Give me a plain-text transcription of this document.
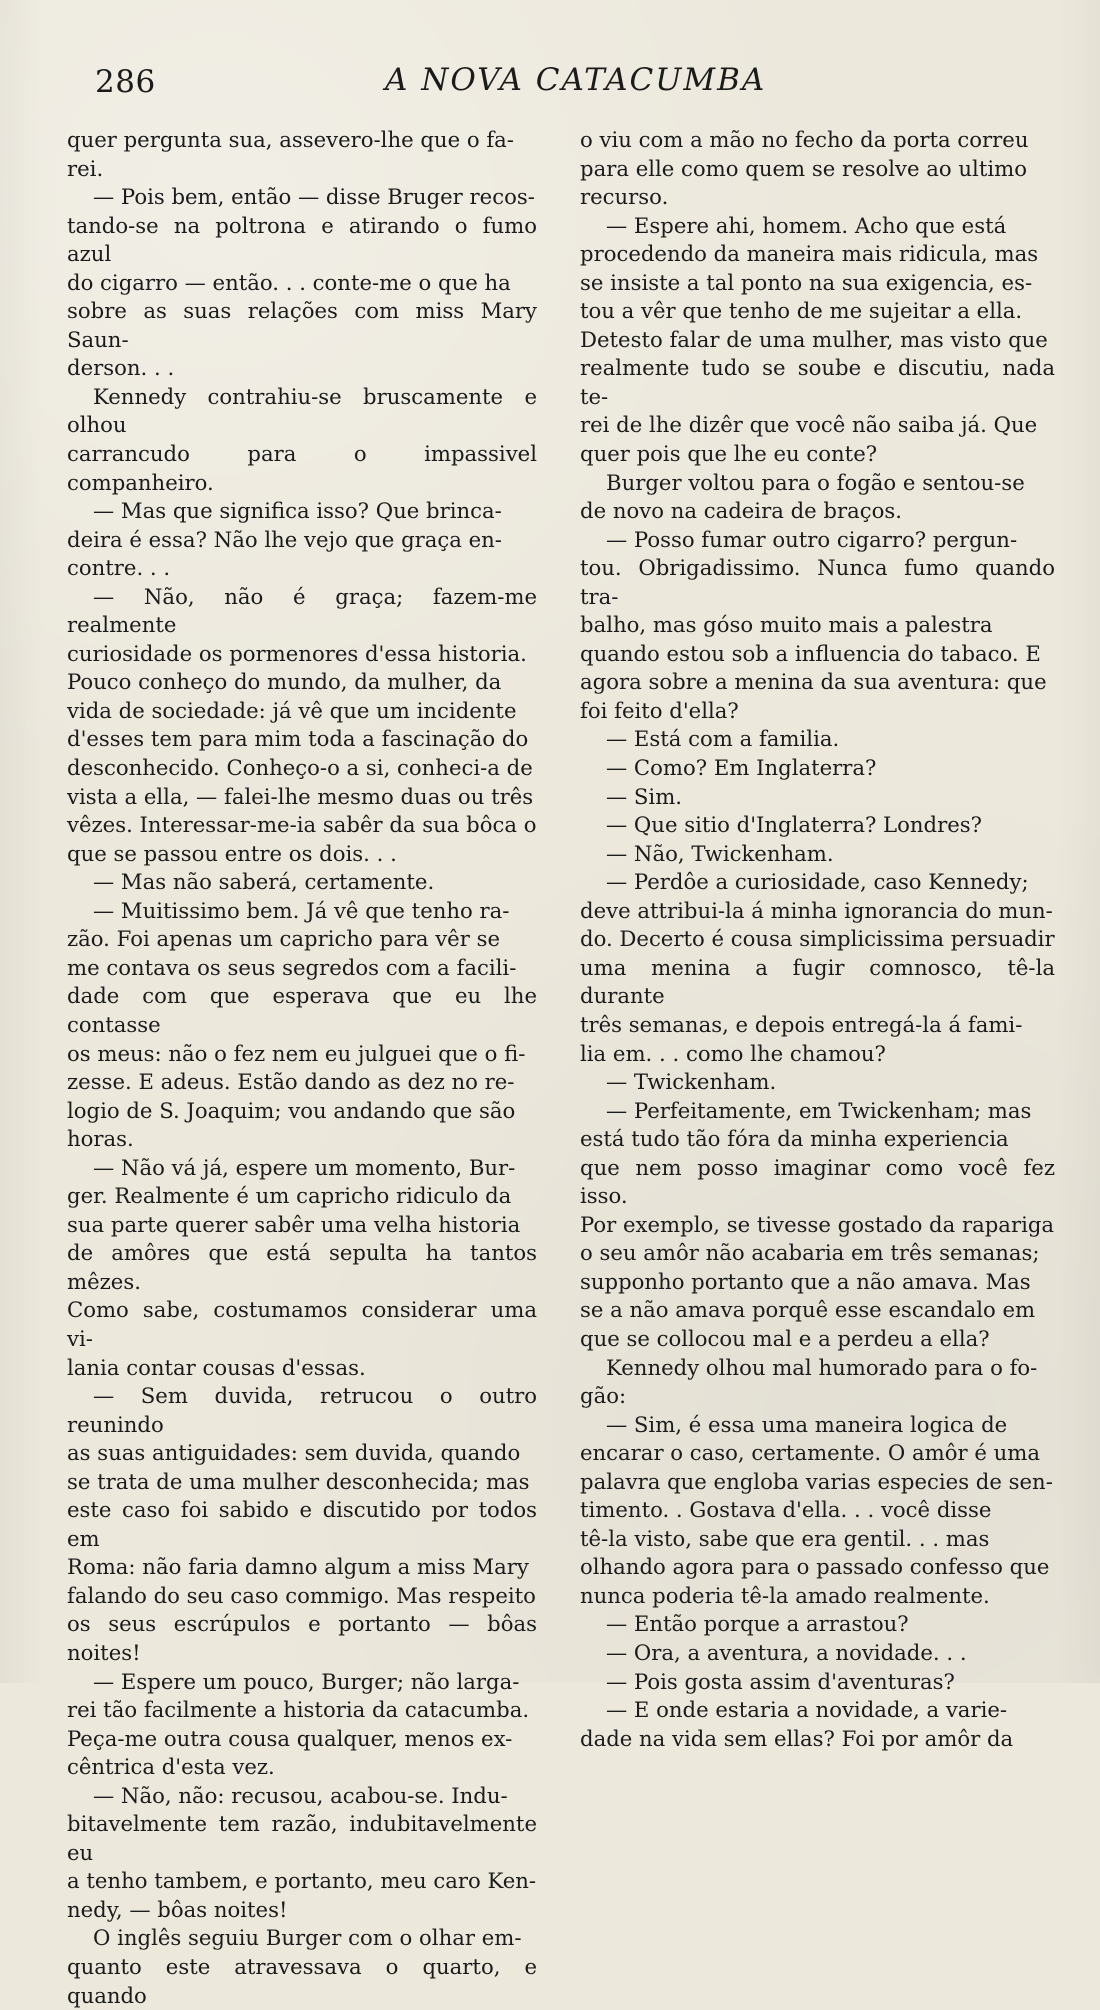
286	A NOVA CATACUMBA

quer pergunta sua, assevero-lhe que o fa-
rei.

— Pois bem, então — disse Bruger recos-
tando-se na poltrona e atirando o fumo azul
do cigarro — então. . . conte-me o que ha
sobre as suas relações com miss Mary Saun-
derson. . .

Kennedy contrahiu-se bruscamente e olhou
carrancudo para o impassivel companheiro.

— Mas que significa isso? Que brinca-
deira é essa? Não lhe vejo que graça en-
contre. . .

— Não, não é graça; fazem-me realmente
curiosidade os pormenores d'essa historia.
Pouco conheço do mundo, da mulher, da
vida de sociedade: já vê que um incidente
d'esses tem para mim toda a fascinação do
desconhecido. Conheço-o a si, conheci-a de
vista a ella, — falei-lhe mesmo duas ou três
vêzes. Interessar-me-ia sabêr da sua bôca o
que se passou entre os dois. . .

— Mas não saberá, certamente.

— Muitissimo bem. Já vê que tenho ra-
zão. Foi apenas um capricho para vêr se
me contava os seus segredos com a facili-
dade com que esperava que eu lhe contasse
os meus: não o fez nem eu julguei que o fi-
zesse. E adeus. Estão dando as dez no re-
logio de S. Joaquim; vou andando que são
horas.

— Não vá já, espere um momento, Bur-
ger. Realmente é um capricho ridiculo da
sua parte querer sabêr uma velha historia
de amôres que está sepulta ha tantos mêzes.
Como sabe, costumamos considerar uma vi-
lania contar cousas d'essas.

— Sem duvida, retrucou o outro reunindo
as suas antiguidades: sem duvida, quando
se trata de uma mulher desconhecida; mas
este caso foi sabido e discutido por todos em
Roma: não faria damno algum a miss Mary
falando do seu caso commigo. Mas respeito
os seus escrúpulos e portanto — bôas noites!

— Espere um pouco, Burger; não larga-
rei tão facilmente a historia da catacumba.
Peça-me outra cousa qualquer, menos ex-
cêntrica d'esta vez.

— Não, não: recusou, acabou-se. Indu-
bitavelmente tem razão, indubitavelmente eu
a tenho tambem, e portanto, meu caro Ken-
nedy, — bôas noites!

O inglês seguiu Burger com o olhar em-
quanto este atravessava o quarto, e quando

o viu com a mão no fecho da porta correu
para elle como quem se resolve ao ultimo
recurso.

— Espere ahi, homem. Acho que está
procedendo da maneira mais ridicula, mas
se insiste a tal ponto na sua exigencia, es-
tou a vêr que tenho de me sujeitar a ella.
Detesto falar de uma mulher, mas visto que
realmente tudo se soube e discutiu, nada te-
rei de lhe dizêr que você não saiba já. Que
quer pois que lhe eu conte?

Burger voltou para o fogão e sentou-se
de novo na cadeira de braços.

— Posso fumar outro cigarro? pergun-
tou. Obrigadissimo. Nunca fumo quando tra-
balho, mas góso muito mais a palestra
quando estou sob a influencia do tabaco. E
agora sobre a menina da sua aventura: que
foi feito d'ella?

— Está com a familia.

— Como? Em Inglaterra?

— Sim.

— Que sitio d'Inglaterra? Londres?

— Não, Twickenham.

— Perdôe a curiosidade, caso Kennedy;
deve attribui-la á minha ignorancia do mun-
do. Decerto é cousa simplicissima persuadir
uma menina a fugir comnosco, tê-la durante
três semanas, e depois entregá-la á fami-
lia em. . . como lhe chamou?

— Twickenham.

— Perfeitamente, em Twickenham; mas
está tudo tão fóra da minha experiencia
que nem posso imaginar como você fez isso.
Por exemplo, se tivesse gostado da rapariga
o seu amôr não acabaria em três semanas;
supponho portanto que a não amava. Mas
se a não amava porquê esse escandalo em
que se collocou mal e a perdeu a ella?

Kennedy olhou mal humorado para o fo-
gão:

— Sim, é essa uma maneira logica de
encarar o caso, certamente. O amôr é uma
palavra que engloba varias especies de sen-
timento. . Gostava d'ella. . . você disse
tê-la visto, sabe que era gentil. . . mas
olhando agora para o passado confesso que
nunca poderia tê-la amado realmente.

— Então porque a arrastou?

— Ora, a aventura, a novidade. . .

— Pois gosta assim d'aventuras?

— E onde estaria a novidade, a varie-
dade na vida sem ellas? Foi por amôr da
